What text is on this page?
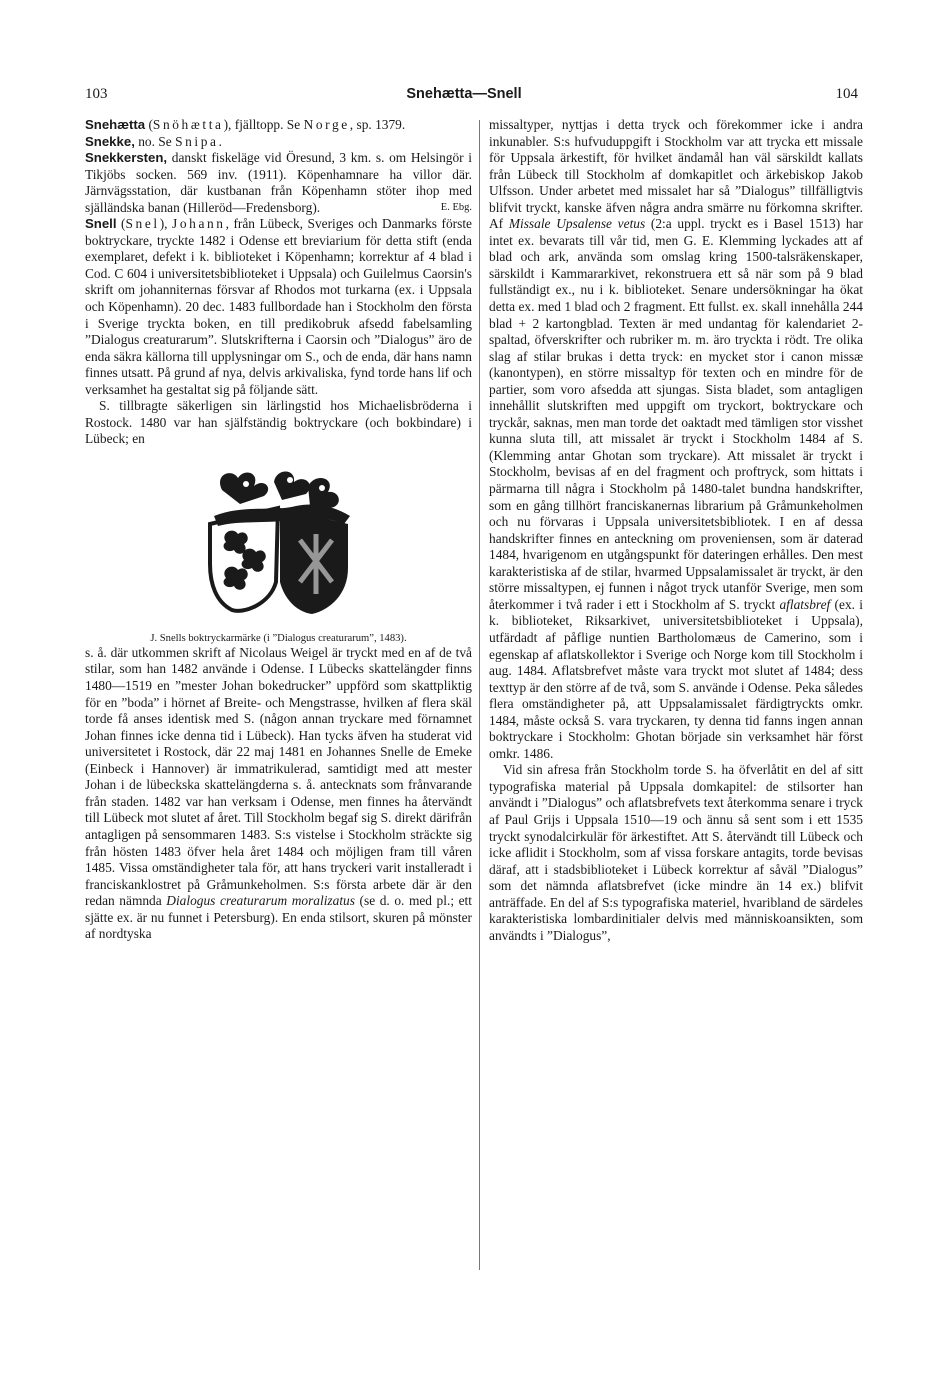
103	Snehætta—Snell	104

Snehætta (Snöhætta), fjälltopp. Se Norge, sp. 1379.

Snekke, no. Se Snipa.

Snekkersten, danskt fiskeläge vid Öresund, 3 km. s. om Helsingör i Tikjöbs socken. 569 inv. (1911). Köpenhamnare ha villor där. Järnvägsstation, där kustbanan från Köpenhamn stöter ihop med själländska banan (Hilleröd—Fredensborg).	E. Ebg.

Snell (Snel), Johann, från Lübeck, Sveriges och Danmarks förste boktryckare, tryckte 1482 i Odense ett breviarium för detta stift (enda exemplaret, defekt i k. biblioteket i Köpenhamn; korrektur af 4 blad i Cod. C 604 i universitetsbiblioteket i Uppsala) och Guilelmus Caorsin's skrift om johanniternas försvar af Rhodos mot turkarna (ex. i Uppsala och Köpenhamn). 20 dec. 1483 fullbordade han i Stockholm den första i Sverige tryckta boken, en till predikobruk afsedd fabelsamling ”Dialogus creaturarum”. Slutskrifterna i Caorsin och ”Dialogus” äro de enda säkra källorna till upplysningar om S., och de enda, där hans namn finnes utsatt. På grund af nya, delvis arkivaliska, fynd torde hans lif och verksamhet ha gestaltat sig på följande sätt.

S. tillbragte säkerligen sin lärlingstid hos Michaelisbröderna i Rostock. 1480 var han själfständig boktryckare (och bokbindare) i Lübeck; en

J. Snells boktryckarmärke (i ”Dialogus creaturarum”, 1483).

s. å. där utkommen skrift af Nicolaus Weigel är tryckt med en af de två stilar, som han 1482 använde i Odense. I Lübecks skattelängder finns 1480—1519 en ”mester Johan bokedrucker” uppförd som skattpliktig för en ”boda” i hörnet af Breite- och Mengstrasse, hvilken af flera skäl torde få anses identisk med S. (någon annan tryckare med förnamnet Johan finnes icke denna tid i Lübeck). Han tycks äfven ha studerat vid universitetet i Rostock, där 22 maj 1481 en Johannes Snelle de Emeke (Einbeck i Hannover) är immatrikulerad, samtidigt med att mester Johan i de lübeckska skattelängderna s. å. antecknats som frånvarande från staden. 1482 var han verksam i Odense, men finnes ha återvändt till Lübeck mot slutet af året. Till Stockholm begaf sig S. direkt därifrån antagligen på sensommaren 1483. S:s vistelse i Stockholm sträckte sig från hösten 1483 öfver hela året 1484 och möjligen fram till våren 1485. Vissa omständigheter tala för, att hans tryckeri varit installeradt i franciskanklostret på Gråmunkeholmen. S:s första arbete där är den redan nämnda Dialogus creaturarum moralizatus (se d. o. med pl.; ett sjätte ex. är nu funnet i Petersburg). En enda stilsort, skuren på mönster af nordtyska

missaltyper, nyttjas i detta tryck och förekommer icke i andra inkunabler. S:s hufvuduppgift i Stockholm var att trycka ett missale för Uppsala ärkestift, för hvilket ändamål han väl särskildt kallats från Lübeck till Stockholm af domkapitlet och ärkebiskop Jakob Ulfsson. Under arbetet med missalet har så ”Dialogus” tillfälligtvis blifvit tryckt, kanske äfven några andra smärre nu förkomna skrifter. Af Missale Upsalense vetus (2:a uppl. tryckt es i Basel 1513) har intet ex. bevarats till vår tid, men G. E. Klemming lyckades att af blad och ark, använda som omslag kring 1500-talsräkenskaper, särskildt i Kammararkivet, rekonstruera ett så när som på 9 blad fullständigt ex., nu i k. biblioteket. Senare undersökningar ha ökat detta ex. med 1 blad och 2 fragment. Ett fullst. ex. skall innehålla 244 blad + 2 kartongblad. Texten är med undantag för kalendariet 2-spaltad, öfverskrifter och rubriker m. m. äro tryckta i rödt. Tre olika slag af stilar brukas i detta tryck: en mycket stor i canon missæ (kanontypen), en större missaltyp för texten och en mindre för de partier, som voro afsedda att sjungas. Sista bladet, som antagligen innehållit slutskriften med uppgift om tryckort, boktryckare och tryckår, saknas, men man torde det oaktadt med tämligen stor visshet kunna sluta till, att missalet är tryckt i Stockholm 1484 af S. (Klemming antar Ghotan som tryckare). Att missalet är tryckt i Stockholm, bevisas af en del fragment och proftryck, som hittats i pärmarna till några i Stockholm på 1480-talet bundna handskrifter, som en gång tillhört franciskanernas librarium på Gråmunkeholmen och nu förvaras i Uppsala universitetsbibliotek. I en af dessa handskrifter finnes en anteckning om proveniensen, som är daterad 1484, hvarigenom en utgångspunkt för dateringen erhålles. Den mest karakteristiska af de stilar, hvarmed Uppsalamissalet är tryckt, är den större missaltypen, ej funnen i något tryck utanför Sverige, men som återkommer i två rader i ett i Stockholm af S. tryckt aflatsbref (ex. i k. biblioteket, Riksarkivet, universitetsbiblioteket i Uppsala), utfärdadt af påflige nuntien Bartholomæus de Camerino, som i egenskap af aflatskollektor i Sverige och Norge kom till Stockholm i aug. 1484. Aflatsbrefvet måste vara tryckt mot slutet af 1484; dess texttyp är den större af de två, som S. använde i Odense. Peka således flera omständigheter på, att Uppsalamissalet färdigtryckts omkr. 1484, måste också S. vara tryckaren, ty denna tid fanns ingen annan boktryckare i Stockholm: Ghotan började sin verksamhet här först omkr. 1486.

Vid sin afresa från Stockholm torde S. ha öfverlåtit en del af sitt typografiska material på Uppsala domkapitel: de stilsorter han användt i ”Dialogus” och aflatsbrefvets text återkomma senare i tryck af Paul Grijs i Uppsala 1510—19 och ännu så sent som i ett 1535 tryckt synodalcirkulär för ärkestiftet. Att S. återvändt till Lübeck och icke aflidit i Stockholm, som af vissa forskare antagits, torde bevisas däraf, att i stadsbiblioteket i Lübeck korrektur af såväl ”Dialogus” som det nämnda aflatsbrefvet (icke mindre än 14 ex.) blifvit anträffade. En del af S:s typografiska materiel, hvaribland de särdeles karakteristiska lombardinitialer delvis med människoansikten, som användts i ”Dialogus”,
